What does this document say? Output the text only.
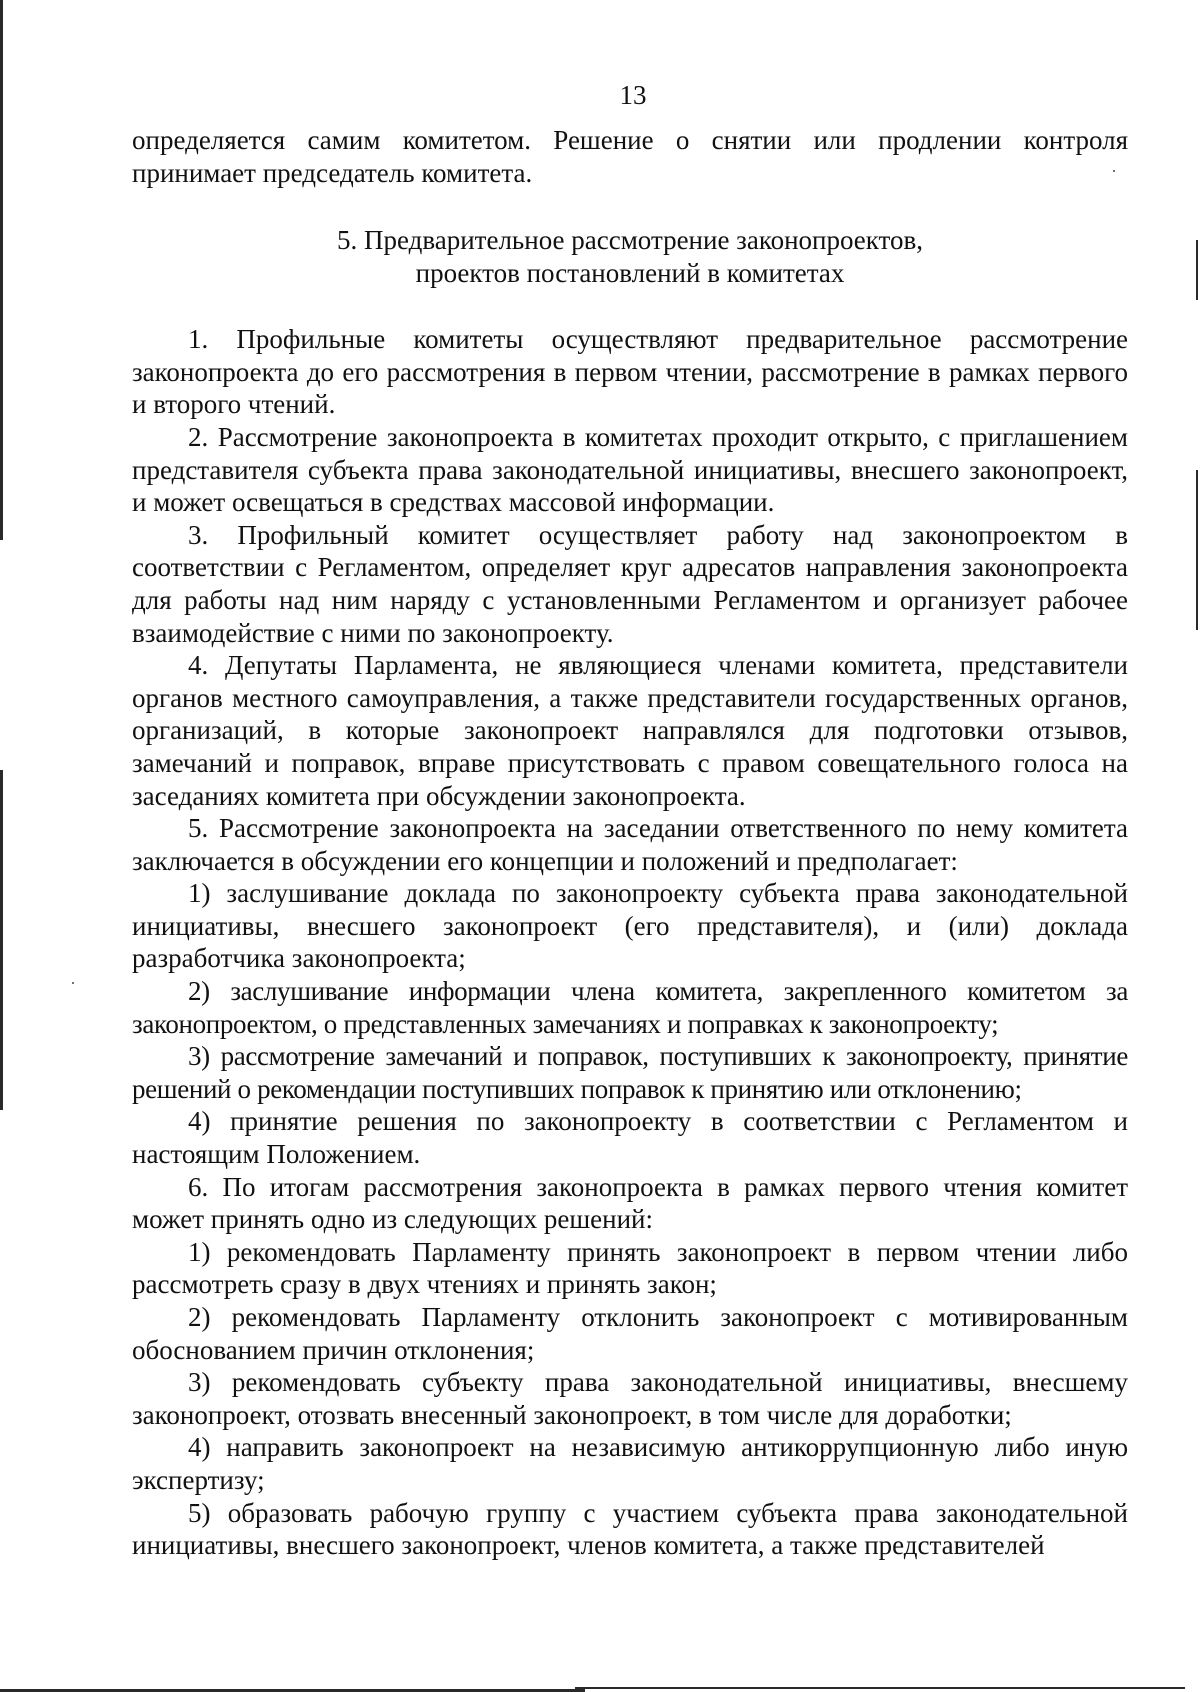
13

определяется самим комитетом. Решение о снятии или продлении контроля принимает председатель комитета.

5. Предварительное рассмотрение законопроектов,
проектов постановлений в комитетах

1. Профильные комитеты осуществляют предварительное рассмотрение законопроекта до его рассмотрения в первом чтении, рассмотрение в рамках первого и второго чтений.

2. Рассмотрение законопроекта в комитетах проходит открыто, с приглашением представителя субъекта права законодательной инициативы, внесшего законопроект, и может освещаться в средствах массовой информации.

3. Профильный комитет осуществляет работу над законопроектом в соответствии с Регламентом, определяет круг адресатов направления законопроекта для работы над ним наряду с установленными Регламентом и организует рабочее взаимодействие с ними по законопроекту.

4. Депутаты Парламента, не являющиеся членами комитета, представители органов местного самоуправления, а также представители государственных органов, организаций, в которые законопроект направлялся для подготовки отзывов, замечаний и поправок, вправе присутствовать с правом совещательного голоса на заседаниях комитета при обсуждении законопроекта.

5. Рассмотрение законопроекта на заседании ответственного по нему комитета заключается в обсуждении его концепции и положений и предполагает:

1) заслушивание доклада по законопроекту субъекта права законодательной инициативы, внесшего законопроект (его представителя), и (или) доклада разработчика законопроекта;

2) заслушивание информации члена комитета, закрепленного комитетом за законопроектом, о представленных замечаниях и поправках к законопроекту;

3) рассмотрение замечаний и поправок, поступивших к законопроекту, принятие решений о рекомендации поступивших поправок к принятию или отклонению;

4) принятие решения по законопроекту в соответствии с Регламентом и настоящим Положением.

6. По итогам рассмотрения законопроекта в рамках первого чтения комитет может принять одно из следующих решений:

1) рекомендовать Парламенту принять законопроект в первом чтении либо рассмотреть сразу в двух чтениях и принять закон;

2) рекомендовать Парламенту отклонить законопроект с мотивированным обоснованием причин отклонения;

3) рекомендовать субъекту права законодательной инициативы, внесшему законопроект, отозвать внесенный законопроект, в том числе для доработки;

4) направить законопроект на независимую антикоррупционную либо иную экспертизу;

5) образовать рабочую группу с участием субъекта права законодательной инициативы, внесшего законопроект, членов комитета, а также представителей
